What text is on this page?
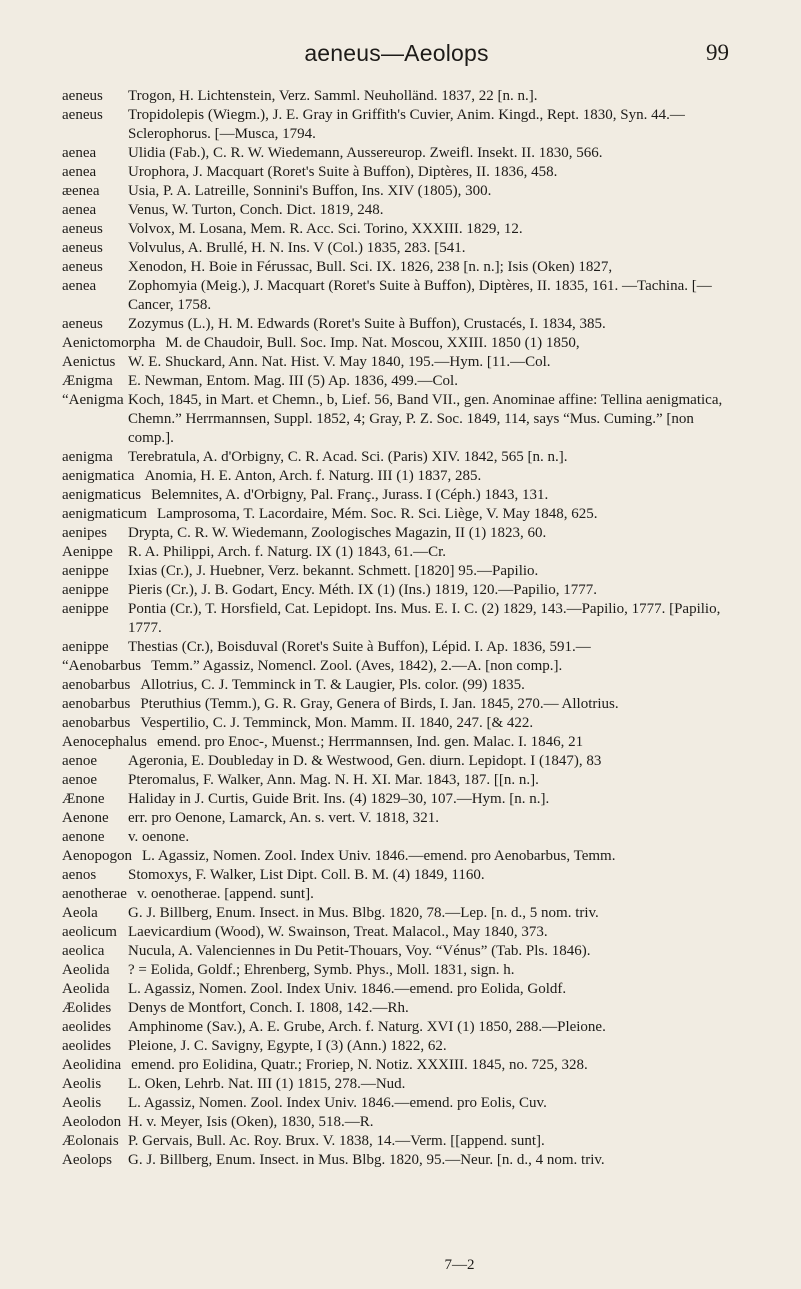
aeneus—Aeolops	99
aeneus	Trogon, H. Lichtenstein, Verz. Samml. Neuholländ. 1837, 22 [n. n.].
aeneus	Tropidolepis (Wiegm.), J. E. Gray in Griffith's Cuvier, Anim. Kingd., Rept. 1830, Syn. 44.—Sclerophorus. [—Musca, 1794.
aenea	Ulidia (Fab.), C. R. W. Wiedemann, Aussereurop. Zweifl. Insekt. II. 1830, 566.
aenea	Urophora, J. Macquart (Roret's Suite à Buffon), Diptères, II. 1836, 458.
æenea	Usia, P. A. Latreille, Sonnini's Buffon, Ins. XIV (1805), 300.
aenea	Venus, W. Turton, Conch. Dict. 1819, 248.
aeneus	Volvox, M. Losana, Mem. R. Acc. Sci. Torino, XXXIII. 1829, 12.
aeneus	Volvulus, A. Brullé, H. N. Ins. V (Col.) 1835, 283. [541.
aeneus	Xenodon, H. Boie in Férussac, Bull. Sci. IX. 1826, 238 [n. n.]; Isis (Oken) 1827,
aenea	Zophomyia (Meig.), J. Macquart (Roret's Suite à Buffon), Diptères, II. 1835, 161. —Tachina. [—Cancer, 1758.
aeneus	Zozymus (L.), H. M. Edwards (Roret's Suite à Buffon), Crustacés, I. 1834, 385.
Aenictomorpha M. de Chaudoir, Bull. Soc. Imp. Nat. Moscou, XXIII. 1850 (1) 1850,
Aenictus W. E. Shuckard, Ann. Nat. Hist. V. May 1840, 195.—Hym. [11.—Col.
Ænigma	E. Newman, Entom. Mag. III (5) Ap. 1836, 499.—Col.
“Aenigma Koch, 1845, in Mart. et Chemn., b, Lief. 56, Band VII., gen. Anominae affine: Tellina aenigmatica, Chemn.” Herrmannsen, Suppl. 1852, 4; Gray, P. Z. Soc. 1849, 114, says “Mus. Cuming.” [non comp.].
aenigma	Terebratula, A. d'Orbigny, C. R. Acad. Sci. (Paris) XIV. 1842, 565 [n. n.].
aenigmatica Anomia, H. E. Anton, Arch. f. Naturg. III (1) 1837, 285.
aenigmaticus Belemnites, A. d'Orbigny, Pal. Franç., Jurass. I (Céph.) 1843, 131.
aenigmaticum Lamprosoma, T. Lacordaire, Mém. Soc. R. Sci. Liège, V. May 1848, 625.
aenipes	Drypta, C. R. W. Wiedemann, Zoologisches Magazin, II (1) 1823, 60.
Aenippe	R. A. Philippi, Arch. f. Naturg. IX (1) 1843, 61.—Cr.
aenippe	Ixias (Cr.), J. Huebner, Verz. bekannt. Schmett. [1820] 95.—Papilio.
aenippe	Pieris (Cr.), J. B. Godart, Ency. Méth. IX (1) (Ins.) 1819, 120.—Papilio, 1777.
aenippe	Pontia (Cr.), T. Horsfield, Cat. Lepidopt. Ins. Mus. E. I. C. (2) 1829, 143.—Papilio, 1777. [Papilio, 1777.
aenippe	Thestias (Cr.), Boisduval (Roret's Suite à Buffon), Lépid. I. Ap. 1836, 591.—
“Aenobarbus Temm.” Agassiz, Nomencl. Zool. (Aves, 1842), 2.—A. [non comp.].
aenobarbus Allotrius, C. J. Temminck in T. & Laugier, Pls. color. (99) 1835.
aenobarbus Pteruthius (Temm.), G. R. Gray, Genera of Birds, I. Jan. 1845, 270.— Allotrius.
aenobarbus Vespertilio, C. J. Temminck, Mon. Mamm. II. 1840, 247. [& 422.
Aenocephalus emend. pro Enoc-, Muenst.; Herrmannsen, Ind. gen. Malac. I. 1846, 21
aenoe	Ageronia, E. Doubleday in D. & Westwood, Gen. diurn. Lepidopt. I (1847), 83
aenoe	Pteromalus, F. Walker, Ann. Mag. N. H. XI. Mar. 1843, 187. [[n. n.].
Ænone	Haliday in J. Curtis, Guide Brit. Ins. (4) 1829–30, 107.—Hym. [n. n.].
Aenone	err. pro Oenone, Lamarck, An. s. vert. V. 1818, 321.
aenone	v. oenone.
Aenopogon L. Agassiz, Nomen. Zool. Index Univ. 1846.—emend. pro Aenobarbus, Temm.
aenos	Stomoxys, F. Walker, List Dipt. Coll. B. M. (4) 1849, 1160.
aenotherae v. oenotherae. [append. sunt].
Aeola	G. J. Billberg, Enum. Insect. in Mus. Blbg. 1820, 78.—Lep. [n. d., 5 nom. triv.
aeolicum Laevicardium (Wood), W. Swainson, Treat. Malacol., May 1840, 373.
aeolica	Nucula, A. Valenciennes in Du Petit-Thouars, Voy. “Vénus” (Tab. Pls. 1846).
Aeolida	? = Eolida, Goldf.; Ehrenberg, Symb. Phys., Moll. 1831, sign. h.
Aeolida	L. Agassiz, Nomen. Zool. Index Univ. 1846.—emend. pro Eolida, Goldf.
Æolides	Denys de Montfort, Conch. I. 1808, 142.—Rh.
aeolides	Amphinome (Sav.), A. E. Grube, Arch. f. Naturg. XVI (1) 1850, 288.—Pleione.
aeolides	Pleione, J. C. Savigny, Egypte, I (3) (Ann.) 1822, 62.
Aeolidina emend. pro Eolidina, Quatr.; Froriep, N. Notiz. XXXIII. 1845, no. 725, 328.
Aeolis	L. Oken, Lehrb. Nat. III (1) 1815, 278.—Nud.
Aeolis	L. Agassiz, Nomen. Zool. Index Univ. 1846.—emend. pro Eolis, Cuv.
Aeolodon H. v. Meyer, Isis (Oken), 1830, 518.—R.
Æolonais P. Gervais, Bull. Ac. Roy. Brux. V. 1838, 14.—Verm. [[append. sunt].
Aeolops	G. J. Billberg, Enum. Insect. in Mus. Blbg. 1820, 95.—Neur. [n. d., 4 nom. triv.
7—2
